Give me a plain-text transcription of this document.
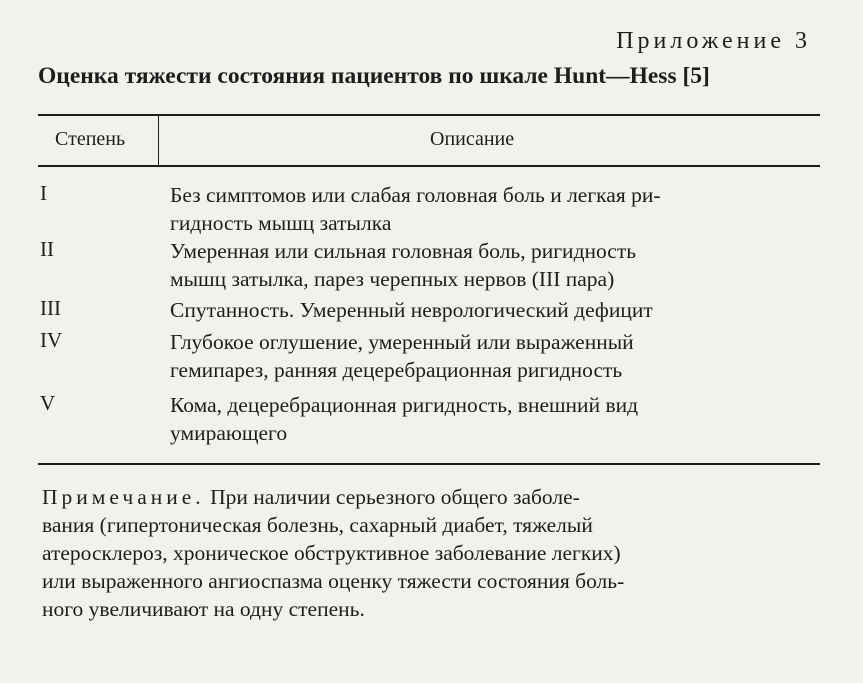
Приложение 3
Оценка тяжести состояния пациентов по шкале Hunt—Hess [5]
Степень	Описание
I	Без симптомов или слабая головная боль и легкая ри-
гидность мышц затылка
II	Умеренная или сильная головная боль, ригидность
мышц затылка, парез черепных нервов (III пара)
III	Спутанность. Умеренный неврологический дефицит
IV	Глубокое оглушение, умеренный или выраженный
гемипарез, ранняя децеребрационная ригидность
V	Кома, децеребрационная ригидность, внешний вид
умирающего
Примечание. При наличии серьезного общего заболе-
вания (гипертоническая болезнь, сахарный диабет, тяжелый
атеросклероз, хроническое обструктивное заболевание легких)
или выраженного ангиоспазма оценку тяжести состояния боль-
ного увеличивают на одну степень.
